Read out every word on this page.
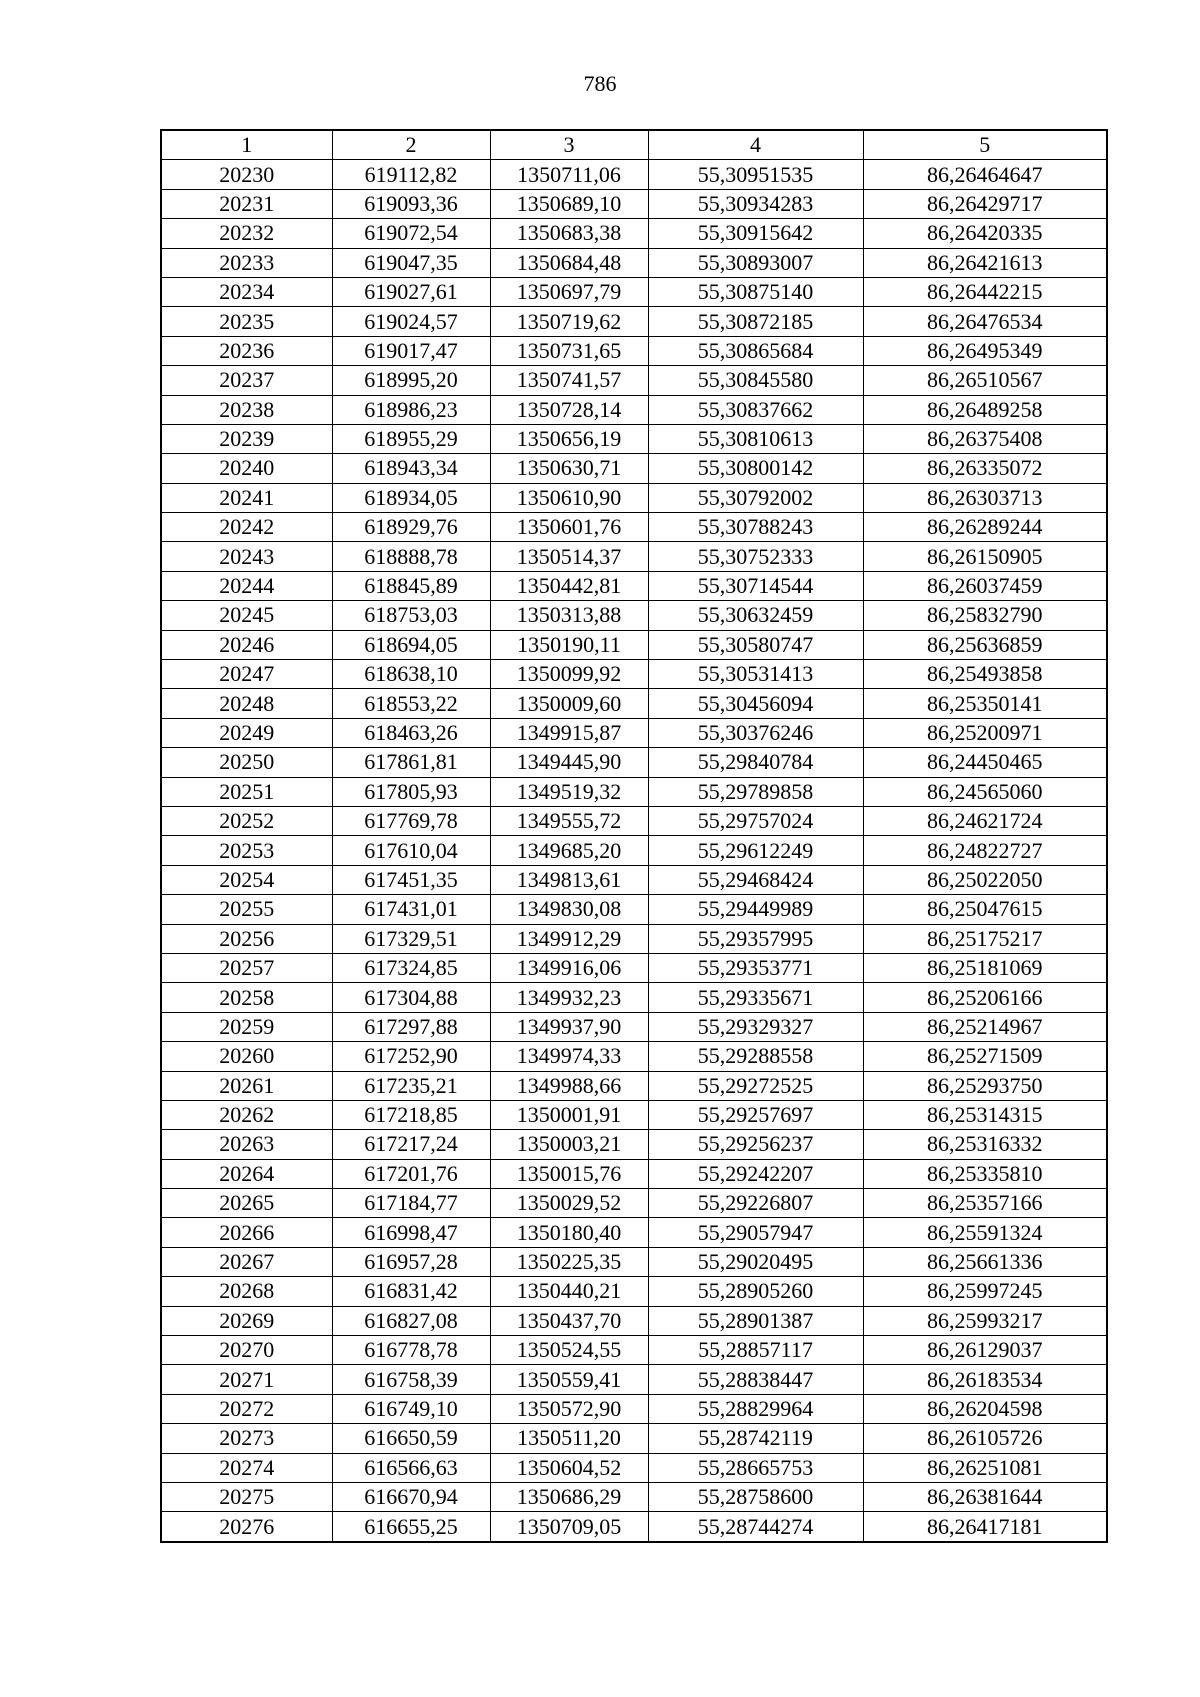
786
1	2	3	4	5
20230	619112,82	1350711,06	55,30951535	86,26464647
20231	619093,36	1350689,10	55,30934283	86,26429717
20232	619072,54	1350683,38	55,30915642	86,26420335
20233	619047,35	1350684,48	55,30893007	86,26421613
20234	619027,61	1350697,79	55,30875140	86,26442215
20235	619024,57	1350719,62	55,30872185	86,26476534
20236	619017,47	1350731,65	55,30865684	86,26495349
20237	618995,20	1350741,57	55,30845580	86,26510567
20238	618986,23	1350728,14	55,30837662	86,26489258
20239	618955,29	1350656,19	55,30810613	86,26375408
20240	618943,34	1350630,71	55,30800142	86,26335072
20241	618934,05	1350610,90	55,30792002	86,26303713
20242	618929,76	1350601,76	55,30788243	86,26289244
20243	618888,78	1350514,37	55,30752333	86,26150905
20244	618845,89	1350442,81	55,30714544	86,26037459
20245	618753,03	1350313,88	55,30632459	86,25832790
20246	618694,05	1350190,11	55,30580747	86,25636859
20247	618638,10	1350099,92	55,30531413	86,25493858
20248	618553,22	1350009,60	55,30456094	86,25350141
20249	618463,26	1349915,87	55,30376246	86,25200971
20250	617861,81	1349445,90	55,29840784	86,24450465
20251	617805,93	1349519,32	55,29789858	86,24565060
20252	617769,78	1349555,72	55,29757024	86,24621724
20253	617610,04	1349685,20	55,29612249	86,24822727
20254	617451,35	1349813,61	55,29468424	86,25022050
20255	617431,01	1349830,08	55,29449989	86,25047615
20256	617329,51	1349912,29	55,29357995	86,25175217
20257	617324,85	1349916,06	55,29353771	86,25181069
20258	617304,88	1349932,23	55,29335671	86,25206166
20259	617297,88	1349937,90	55,29329327	86,25214967
20260	617252,90	1349974,33	55,29288558	86,25271509
20261	617235,21	1349988,66	55,29272525	86,25293750
20262	617218,85	1350001,91	55,29257697	86,25314315
20263	617217,24	1350003,21	55,29256237	86,25316332
20264	617201,76	1350015,76	55,29242207	86,25335810
20265	617184,77	1350029,52	55,29226807	86,25357166
20266	616998,47	1350180,40	55,29057947	86,25591324
20267	616957,28	1350225,35	55,29020495	86,25661336
20268	616831,42	1350440,21	55,28905260	86,25997245
20269	616827,08	1350437,70	55,28901387	86,25993217
20270	616778,78	1350524,55	55,28857117	86,26129037
20271	616758,39	1350559,41	55,28838447	86,26183534
20272	616749,10	1350572,90	55,28829964	86,26204598
20273	616650,59	1350511,20	55,28742119	86,26105726
20274	616566,63	1350604,52	55,28665753	86,26251081
20275	616670,94	1350686,29	55,28758600	86,26381644
20276	616655,25	1350709,05	55,28744274	86,26417181
